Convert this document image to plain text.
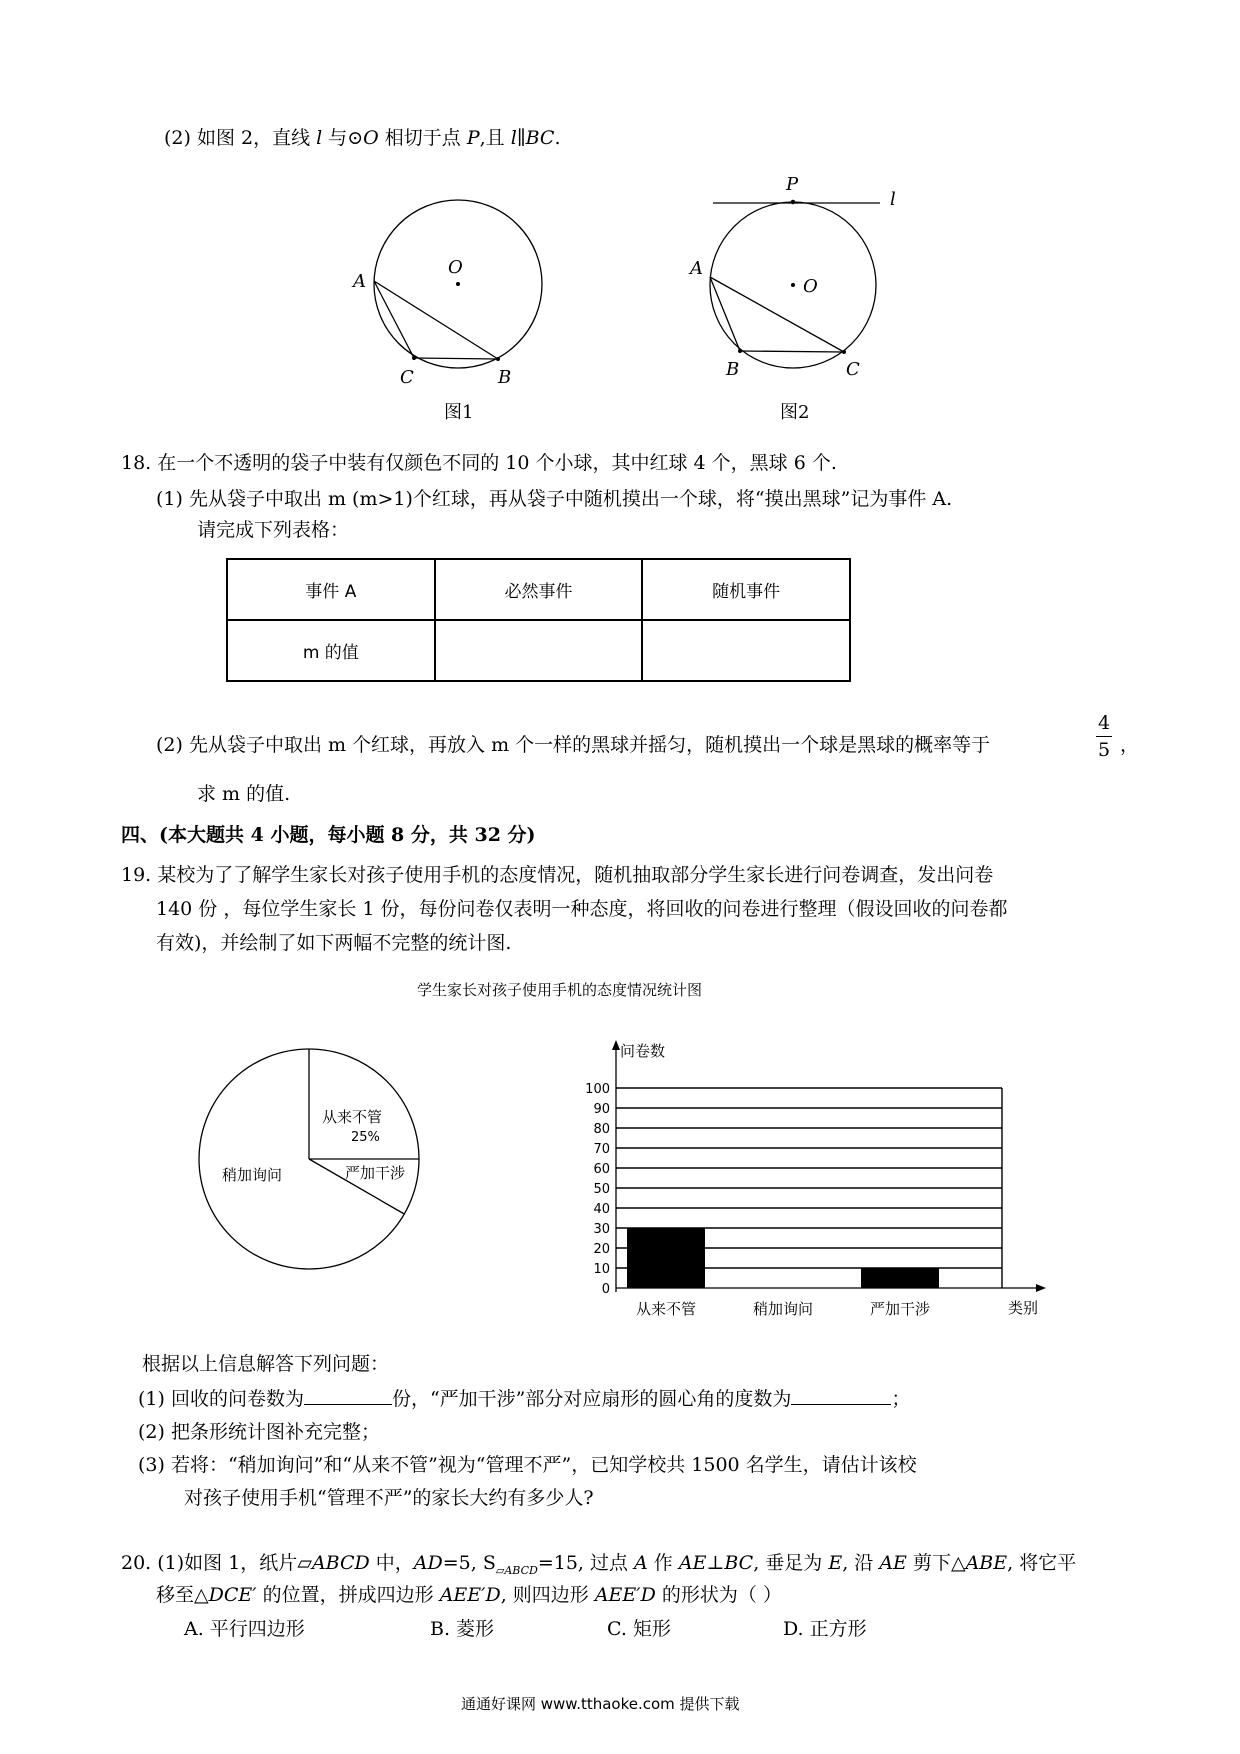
(2) 如图 2，直线 l 与⊙O 相切于点 P,且 l∥BC.
O
A
C	B
图1
P
l
A
O
B	C
图2
18. 在一个不透明的袋子中装有仅颜色不同的 10 个小球，其中红球 4 个，黑球 6 个.
(1) 先从袋子中取出 m (m>1)个红球，再从袋子中随机摸出一个球，将“摸出黑球”记为事件 A.
请完成下列表格：
事件 A	必然事件	随机事件
m 的值		
(2) 先从袋子中取出 m 个红球，再放入 m 个一样的黑球并摇匀，随机摸出一个球是黑球的概率等于
4
5 ，
求 m 的值.
四、(本大题共 4 小题，每小题 8 分，共 32 分)
19. 某校为了了解学生家长对孩子使用手机的态度情况，随机抽取部分学生家长进行问卷调查，发出问卷
140 份 ，每位学生家长 1 份，每份问卷仅表明一种态度，将回收的问卷进行整理（假设回收的问卷都
有效)，并绘制了如下两幅不完整的统计图.
学生家长对孩子使用手机的态度情况统计图
从来不管
25%
稍加询问	严加干涉
0
10
20
30
40
50
60
70
80
90
100
从来不管	稍加询问	严加干涉
问卷数
类别
根据以上信息解答下列问题：
(1) 回收的问卷数为	份，“严加干涉”部分对应扇形的圆心角的度数为	；
(2) 把条形统计图补充完整；
(3) 若将：“稍加询问”和“从来不管”视为“管理不严”，已知学校共 1500 名学生，请估计该校
对孩子使用手机“管理不严”的家长大约有多少人?
20. (1)如图 1，纸片▱ABCD 中，AD=5, $S_{▱ABCD}=15$, 过点 A 作 AE⊥BC, 垂足为 E, 沿 AE 剪下△ABE, 将它平
移至△DCE′ 的位置，拼成四边形 AEE′D, 则四边形 AEE′D 的形状为（ ）
A. 平行四边形	B. 菱形	C. 矩形	D. 正方形
通通好课网 www.tthaoke.com 提供下载
